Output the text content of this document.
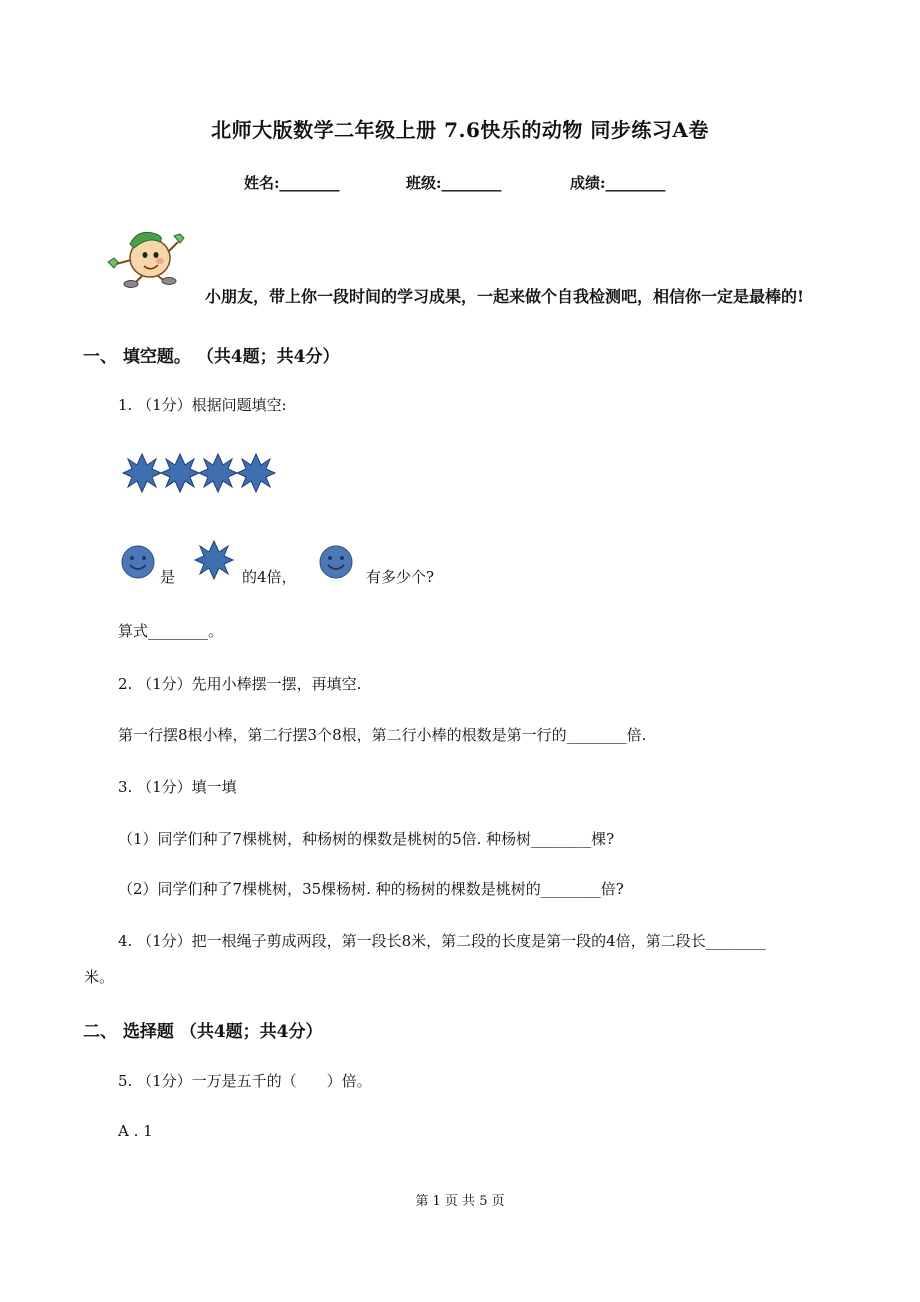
北师大版数学二年级上册 7.6快乐的动物 同步练习A卷
姓名:________	班级:________	成绩:________
小朋友，带上你一段时间的学习成果，一起来做个自我检测吧，相信你一定是最棒的!
一、 填空题。 （共4题；共4分）
1. （1分）根据问题填空:
是	的4倍，	有多少个?
算式________。
2. （1分）先用小棒摆一摆，再填空.
第一行摆8根小棒，第二行摆3个8根，第二行小棒的根数是第一行的________倍.
3. （1分）填一填
（1）同学们种了7棵桃树，种杨树的棵数是桃树的5倍. 种杨树________棵?
（2）同学们种了7棵桃树，35棵杨树. 种的杨树的棵数是桃树的________倍?
4. （1分）把一根绳子剪成两段，第一段长8米，第二段的长度是第一段的4倍，第二段长________
米。
二、 选择题 （共4题；共4分）
5. （1分）一万是五千的（　　）倍。
A . 1
第 1 页 共 5 页
